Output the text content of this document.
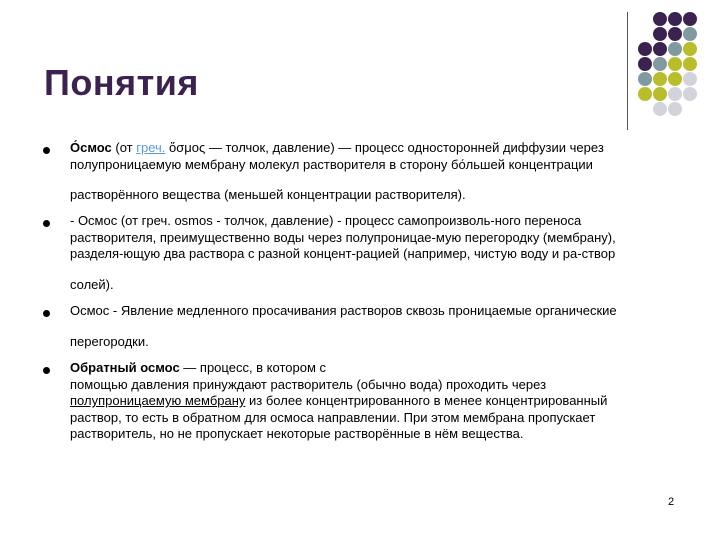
Понятия

О́смос (от греч. ὄσμος — толчок, давление) — процесс односторонней диффузии через

полупроницаемую мембрану молекул растворителя в сторону бо́льшей концентрации

растворённого вещества (меньшей концентрации растворителя).

- Осмос (от греч. osmos - толчок, давление) - процесс самопроизволь-ного переноса

растворителя, преимущественно воды через полупроницае-мую перегородку (мембрану),

разделя-ющую два раствора с разной концент-рацией (например, чистую воду и ра-створ

солей).

Осмос - Явление медленного просачивания растворов сквозь проницаемые органические

перегородки.

Обратный осмос — процесс, в котором с

помощью давления принуждают растворитель (обычно вода) проходить через

полупроницаемую мембрану из более концентрированного в менее концентрированный

раствор, то есть в обратном для осмоса направлении. При этом мембрана пропускает

растворитель, но не пропускает некоторые растворённые в нём вещества.

2
